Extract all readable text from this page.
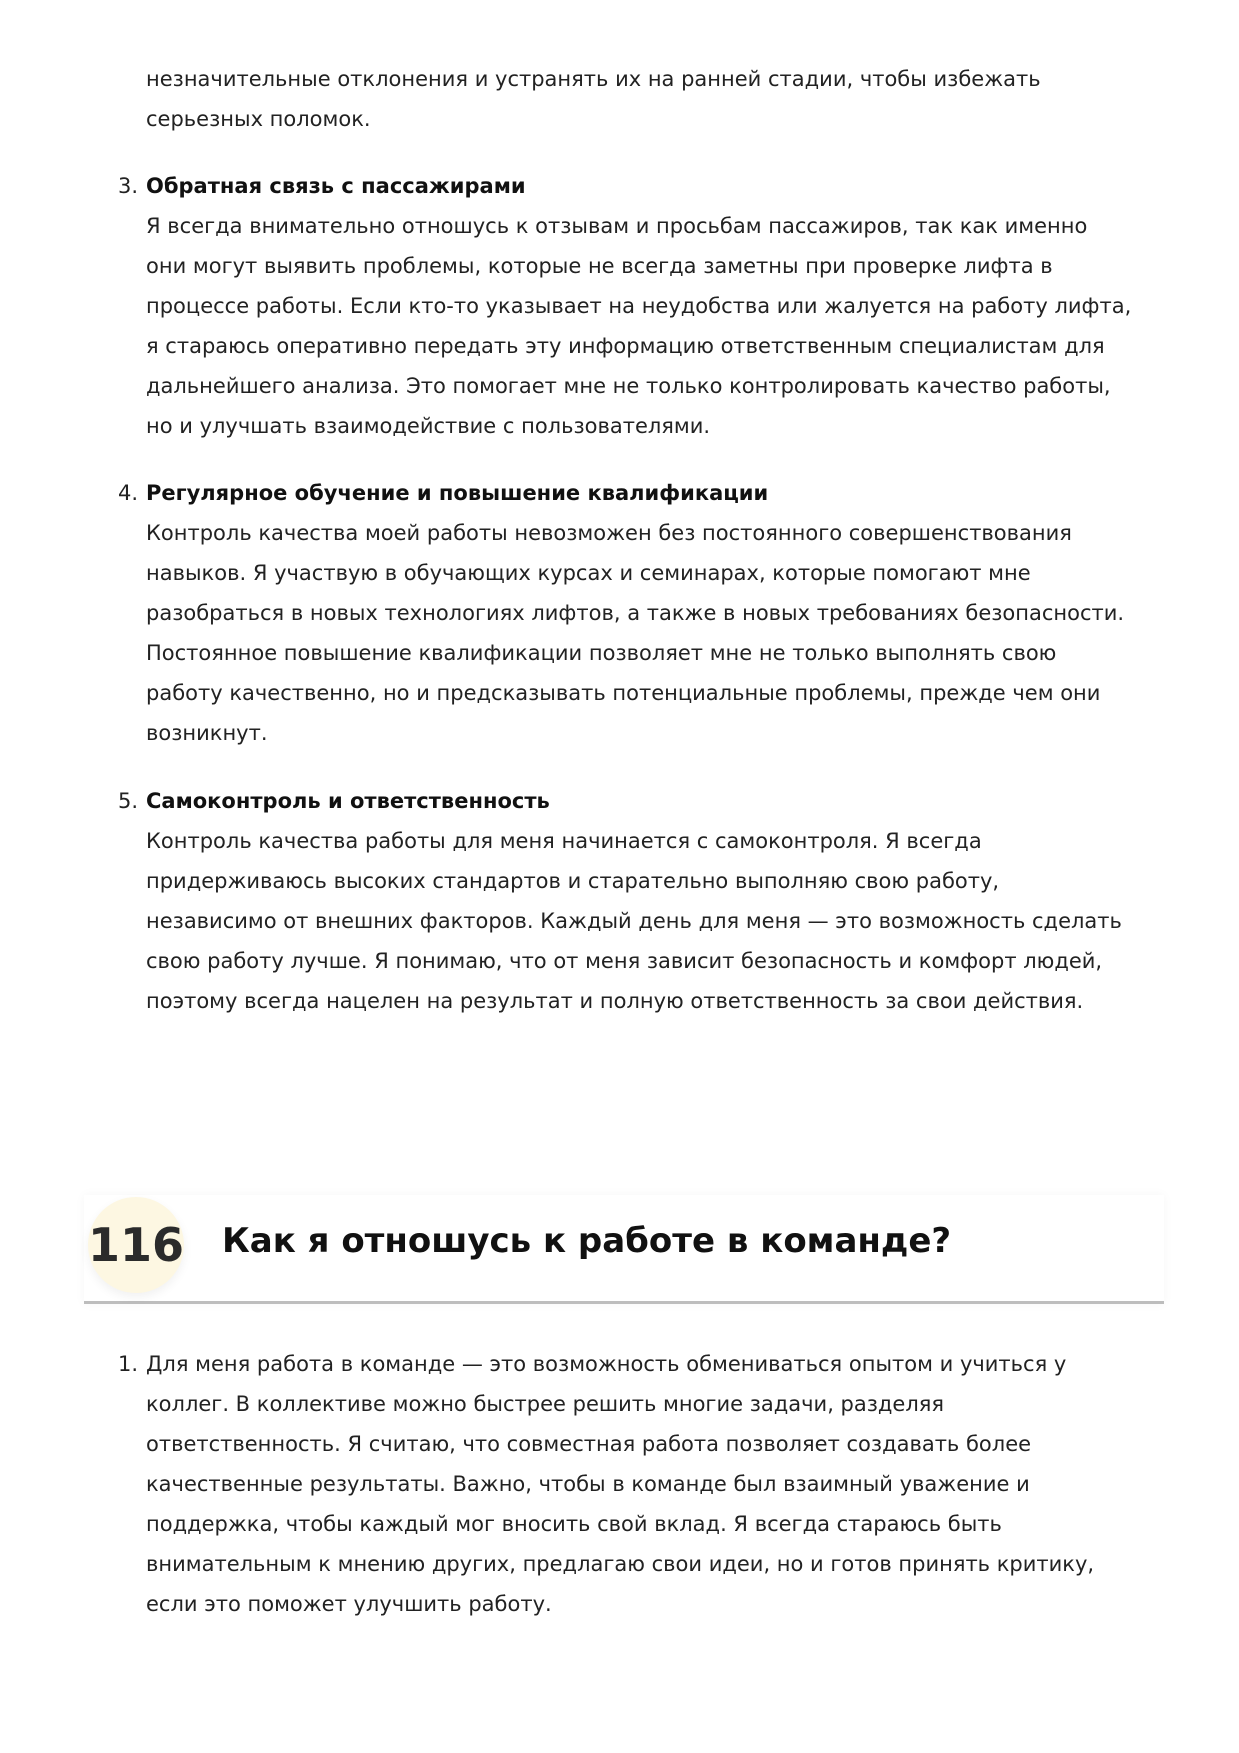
незначительные отклонения и устранять их на ранней стадии, чтобы избежать
серьезных поломок.
3. Обратная связь с пассажирами
Я всегда внимательно отношусь к отзывам и просьбам пассажиров, так как именно
они могут выявить проблемы, которые не всегда заметны при проверке лифта в
процессе работы. Если кто-то указывает на неудобства или жалуется на работу лифта,
я стараюсь оперативно передать эту информацию ответственным специалистам для
дальнейшего анализа. Это помогает мне не только контролировать качество работы,
но и улучшать взаимодействие с пользователями.
4. Регулярное обучение и повышение квалификации
Контроль качества моей работы невозможен без постоянного совершенствования
навыков. Я участвую в обучающих курсах и семинарах, которые помогают мне
разобраться в новых технологиях лифтов, а также в новых требованиях безопасности.
Постоянное повышение квалификации позволяет мне не только выполнять свою
работу качественно, но и предсказывать потенциальные проблемы, прежде чем они
возникнут.
5. Самоконтроль и ответственность
Контроль качества работы для меня начинается с самоконтроля. Я всегда
придерживаюсь высоких стандартов и старательно выполняю свою работу,
независимо от внешних факторов. Каждый день для меня — это возможность сделать
свою работу лучше. Я понимаю, что от меня зависит безопасность и комфорт людей,
поэтому всегда нацелен на результат и полную ответственность за свои действия.
116 Как я отношусь к работе в команде?
1. Для меня работа в команде — это возможность обмениваться опытом и учиться у
коллег. В коллективе можно быстрее решить многие задачи, разделяя
ответственность. Я считаю, что совместная работа позволяет создавать более
качественные результаты. Важно, чтобы в команде был взаимный уважение и
поддержка, чтобы каждый мог вносить свой вклад. Я всегда стараюсь быть
внимательным к мнению других, предлагаю свои идеи, но и готов принять критику,
если это поможет улучшить работу.
